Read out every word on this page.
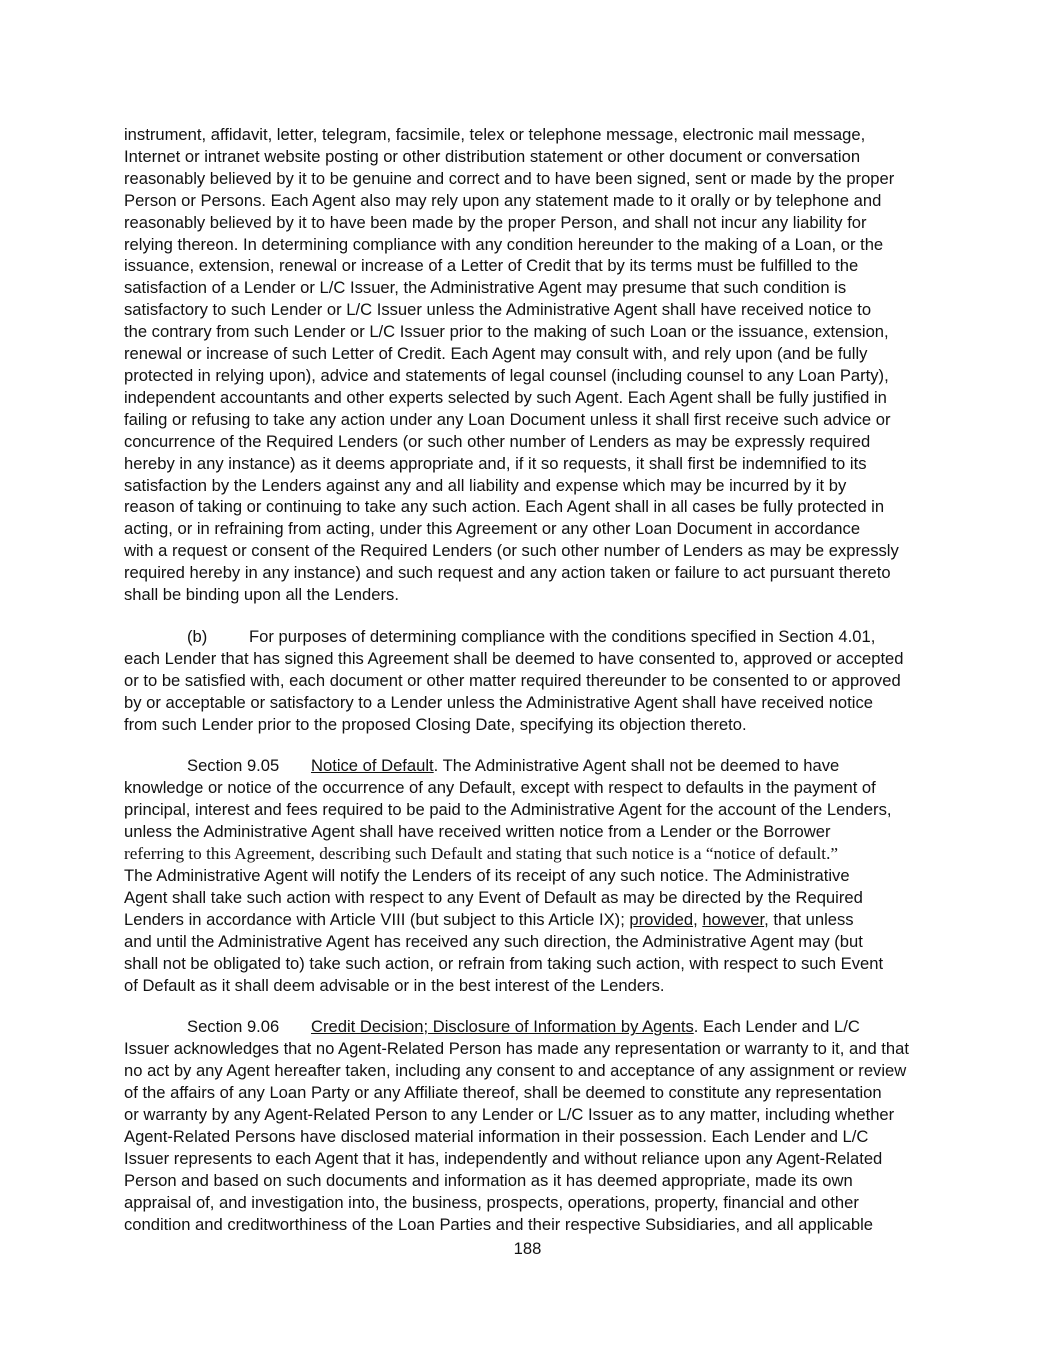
instrument, affidavit, letter, telegram, facsimile, telex or telephone message, electronic mail message,
Internet or intranet website posting or other distribution statement or other document or conversation
reasonably believed by it to be genuine and correct and to have been signed, sent or made by the proper
Person or Persons. Each Agent also may rely upon any statement made to it orally or by telephone and
reasonably believed by it to have been made by the proper Person, and shall not incur any liability for
relying thereon. In determining compliance with any condition hereunder to the making of a Loan, or the
issuance, extension, renewal or increase of a Letter of Credit that by its terms must be fulfilled to the
satisfaction of a Lender or L/C Issuer, the Administrative Agent may presume that such condition is
satisfactory to such Lender or L/C Issuer unless the Administrative Agent shall have received notice to
the contrary from such Lender or L/C Issuer prior to the making of such Loan or the issuance, extension,
renewal or increase of such Letter of Credit. Each Agent may consult with, and rely upon (and be fully
protected in relying upon), advice and statements of legal counsel (including counsel to any Loan Party),
independent accountants and other experts selected by such Agent. Each Agent shall be fully justified in
failing or refusing to take any action under any Loan Document unless it shall first receive such advice or
concurrence of the Required Lenders (or such other number of Lenders as may be expressly required
hereby in any instance) as it deems appropriate and, if it so requests, it shall first be indemnified to its
satisfaction by the Lenders against any and all liability and expense which may be incurred by it by
reason of taking or continuing to take any such action. Each Agent shall in all cases be fully protected in
acting, or in refraining from acting, under this Agreement or any other Loan Document in accordance
with a request or consent of the Required Lenders (or such other number of Lenders as may be expressly
required hereby in any instance) and such request and any action taken or failure to act pursuant thereto
shall be binding upon all the Lenders.

(b)	For purposes of determining compliance with the conditions specified in Section 4.01,
each Lender that has signed this Agreement shall be deemed to have consented to, approved or accepted
or to be satisfied with, each document or other matter required thereunder to be consented to or approved
by or acceptable or satisfactory to a Lender unless the Administrative Agent shall have received notice
from such Lender prior to the proposed Closing Date, specifying its objection thereto.

Section 9.05 Notice of Default. The Administrative Agent shall not be deemed to have
knowledge or notice of the occurrence of any Default, except with respect to defaults in the payment of
principal, interest and fees required to be paid to the Administrative Agent for the account of the Lenders,
unless the Administrative Agent shall have received written notice from a Lender or the Borrower
referring to this Agreement, describing such Default and stating that such notice is a “notice of default.”
The Administrative Agent will notify the Lenders of its receipt of any such notice. The Administrative
Agent shall take such action with respect to any Event of Default as may be directed by the Required
Lenders in accordance with Article VIII (but subject to this Article IX); provided, however, that unless
and until the Administrative Agent has received any such direction, the Administrative Agent may (but
shall not be obligated to) take such action, or refrain from taking such action, with respect to such Event
of Default as it shall deem advisable or in the best interest of the Lenders.

Section 9.06 Credit Decision; Disclosure of Information by Agents. Each Lender and L/C
Issuer acknowledges that no Agent-Related Person has made any representation or warranty to it, and that
no act by any Agent hereafter taken, including any consent to and acceptance of any assignment or review
of the affairs of any Loan Party or any Affiliate thereof, shall be deemed to constitute any representation
or warranty by any Agent-Related Person to any Lender or L/C Issuer as to any matter, including whether
Agent-Related Persons have disclosed material information in their possession. Each Lender and L/C
Issuer represents to each Agent that it has, independently and without reliance upon any Agent-Related
Person and based on such documents and information as it has deemed appropriate, made its own
appraisal of, and investigation into, the business, prospects, operations, property, financial and other
condition and creditworthiness of the Loan Parties and their respective Subsidiaries, and all applicable

188
